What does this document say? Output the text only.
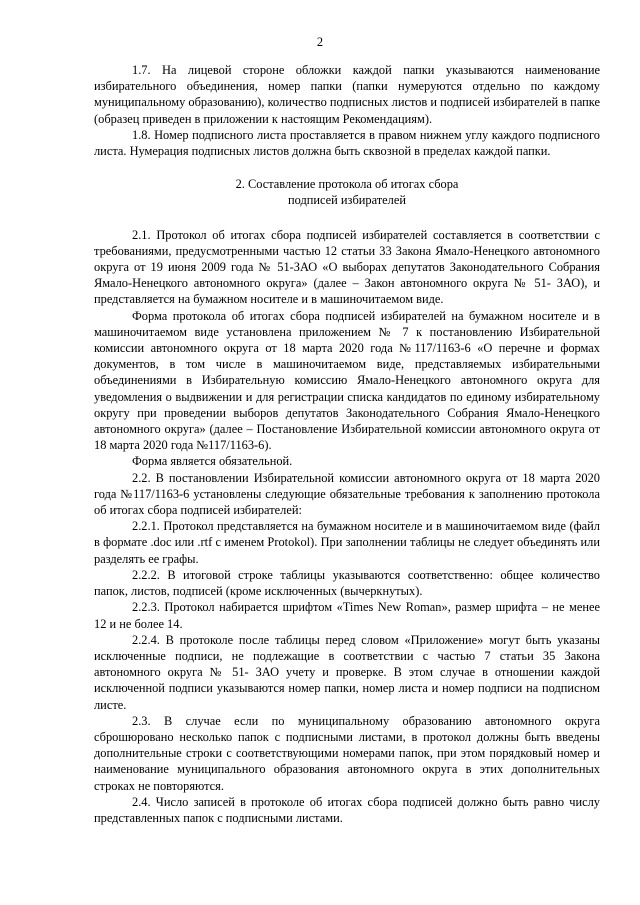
2

1.7. На лицевой стороне обложки каждой папки указываются наименование избирательного объединения, номер папки (папки нумеруются отдельно по каждому муниципальному образованию), количество подписных листов и подписей избирателей в папке (образец приведен в приложении к настоящим Рекомендациям).

1.8. Номер подписного листа проставляется в правом нижнем углу каждого подписного листа. Нумерация подписных листов должна быть сквозной в пределах каждой папки.

2. Составление протокола об итогах сбора
подписей избирателей

2.1. Протокол об итогах сбора подписей избирателей составляется в соответствии с требованиями, предусмотренными частью 12 статьи 33 Закона Ямало-Ненецкого автономного округа от 19 июня 2009 года № 51-ЗАО «О выборах депутатов Законодательного Собрания Ямало-Ненецкого автономного округа» (далее – Закон автономного округа № 51- ЗАО), и представляется на бумажном носителе и в машиночитаемом виде.

Форма протокола об итогах сбора подписей избирателей на бумажном носителе и в машиночитаемом виде установлена приложением № 7 к постановлению Избирательной комиссии автономного округа от 18 марта 2020 года №117/1163-6 «О перечне и формах документов, в том числе в машиночитаемом виде, представляемых избирательными объединениями в Избирательную комиссию Ямало-Ненецкого автономного округа для уведомления о выдвижении и для регистрации списка кандидатов по единому избирательному округу при проведении выборов депутатов Законодательного Собрания Ямало-Ненецкого автономного округа» (далее – Постановление Избирательной комиссии автономного округа от 18 марта 2020 года №117/1163-6).

Форма является обязательной.

2.2. В постановлении Избирательной комиссии автономного округа от 18 марта 2020 года №117/1163-6 установлены следующие обязательные требования к заполнению протокола об итогах сбора подписей избирателей:

2.2.1. Протокол представляется на бумажном носителе и в машиночитаемом виде (файл в формате .doc или .rtf с именем Protokol). При заполнении таблицы не следует объединять или разделять ее графы.

2.2.2. В итоговой строке таблицы указываются соответственно: общее количество папок, листов, подписей (кроме исключенных (вычеркнутых).

2.2.3. Протокол набирается шрифтом «Times New Roman», размер шрифта – не менее 12 и не более 14.

2.2.4. В протоколе после таблицы перед словом «Приложение» могут быть указаны исключенные подписи, не подлежащие в соответствии с частью 7 статьи 35 Закона автономного округа № 51- ЗАО учету и проверке. В этом случае в отношении каждой исключенной подписи указываются номер папки, номер листа и номер подписи на подписном листе.

2.3. В случае если по муниципальному образованию автономного округа сброшюровано несколько папок с подписными листами, в протокол должны быть введены дополнительные строки с соответствующими номерами папок, при этом порядковый номер и наименование муниципального образования автономного округа в этих дополнительных строках не повторяются.

2.4. Число записей в протоколе об итогах сбора подписей должно быть равно числу представленных папок с подписными листами.
